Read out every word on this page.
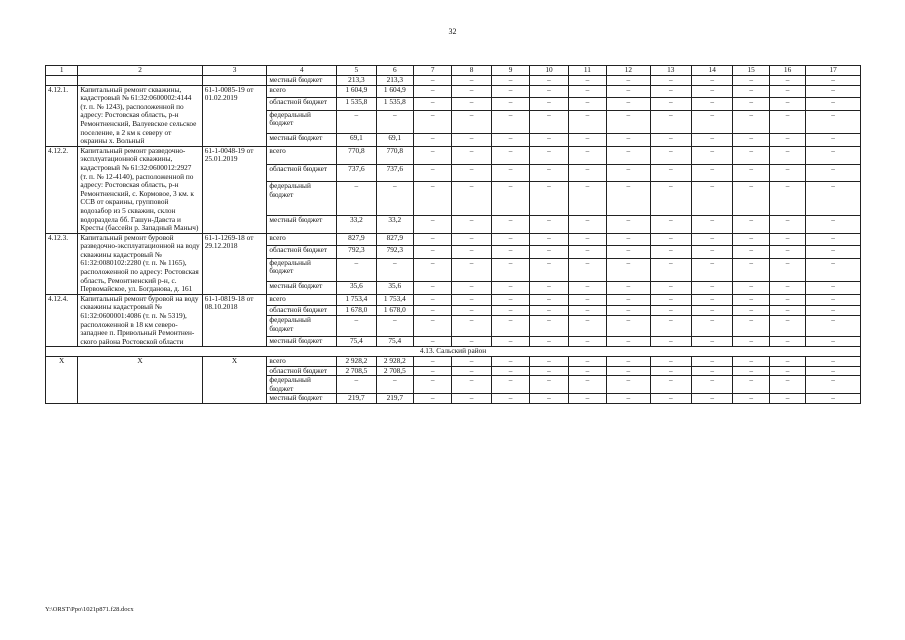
32
1	2	3	4	5	6	7	8	9	10	11	12	13	14	15	16	17
			местный бюджет	213,3	213,3	–	–	–	–	–	–	–	–	–	–	–
4.12.1.	Капитальный ремонт скважины, кадастровый № 61:32:0600002:4144 (т. п. № 1243), расположенной по адресу: Ростовская область, р-н Ремонтненский, Валуевское сельское поселение, в 2 км к северу от окраины х. Вольный	61-1-0085-19 от 01.02.2019	всего	1 604,9	1 604,9	–	–	–	–	–	–	–	–	–	–	–
			областной бюджет	1 535,8	1 535,8	–	–	–	–	–	–	–	–	–	–	–
			федеральный бюджет	–	–	–	–	–	–	–	–	–	–	–	–	–
			местный бюджет	69,1	69,1	–	–	–	–	–	–	–	–	–	–	–
4.12.2.	Капитальный ремонт разведочно-эксплуатационной скважины, кадастровый № 61:32:0600012:2927 (т. п. № 12-4140), расположенной по адресу: Ростовская область, р-н Ремонтненский, с. Кормовое, 3 км. к ССВ от окраины, групповой водозабор из 5 скважин, склон водораздела бб. Гашун-Давста и Кресты (бассейн р. Западный Маныч)	61-1-0048-19 от 25.01.2019	всего	770,8	770,8	–	–	–	–	–	–	–	–	–	–	–
			областной бюджет	737,6	737,6	–	–	–	–	–	–	–	–	–	–	–
			федеральный бюджет	–	–	–	–	–	–	–	–	–	–	–	–	–
			местный бюджет	33,2	33,2	–	–	–	–	–	–	–	–	–	–	–
4.12.3.	Капитальный ремонт буровой разведочно-эксплуатационной на воду скважины кадастровый № 61:32:0080102:2280 (т. п. № 1165), расположенной по адресу: Ростовская область, Ремонтненский р-н, с. Первомайское, ул. Богданова, д. 161	61-1-1269-18 от 29.12.2018	всего	827,9	827,9	–	–	–	–	–	–	–	–	–	–	–
			областной бюджет	792,3	792,3	–	–	–	–	–	–	–	–	–	–	–
			федеральный бюджет	–	–	–	–	–	–	–	–	–	–	–	–	–
			местный бюджет	35,6	35,6	–	–	–	–	–	–	–	–	–	–	–
4.12.4.	Капитальный ремонт буровой на воду скважины кадастровый № 61:32:0600001:4086 (т. п. № 5319), расположенной в 18 км северо-западнее п. Привольный Ремонтненского района Ростовской области	61-1-0819-18 от 08.10.2018	всего	1 753,4	1 753,4	–	–	–	–	–	–	–	–	–	–	–
			областной бюджет	1 678,0	1 678,0	–	–	–	–	–	–	–	–	–	–	–
			федеральный бюджет	–	–	–	–	–	–	–	–	–	–	–	–	–
			местный бюджет	75,4	75,4	–	–	–	–	–	–	–	–	–	–	–
4.13. Сальский район																
Х	Х	Х	всего	2 928,2	2 928,2	–	–	–	–	–	–	–	–	–	–	–
			областной бюджет	2 708,5	2 708,5	–	–	–	–	–	–	–	–	–	–	–
			федеральный бюджет	–	–	–	–	–	–	–	–	–	–	–	–	–
			местный бюджет	219,7	219,7	–	–	–	–	–	–	–	–	–	–	–
Y:\ORST\Ppo\1021p871.f28.docx
